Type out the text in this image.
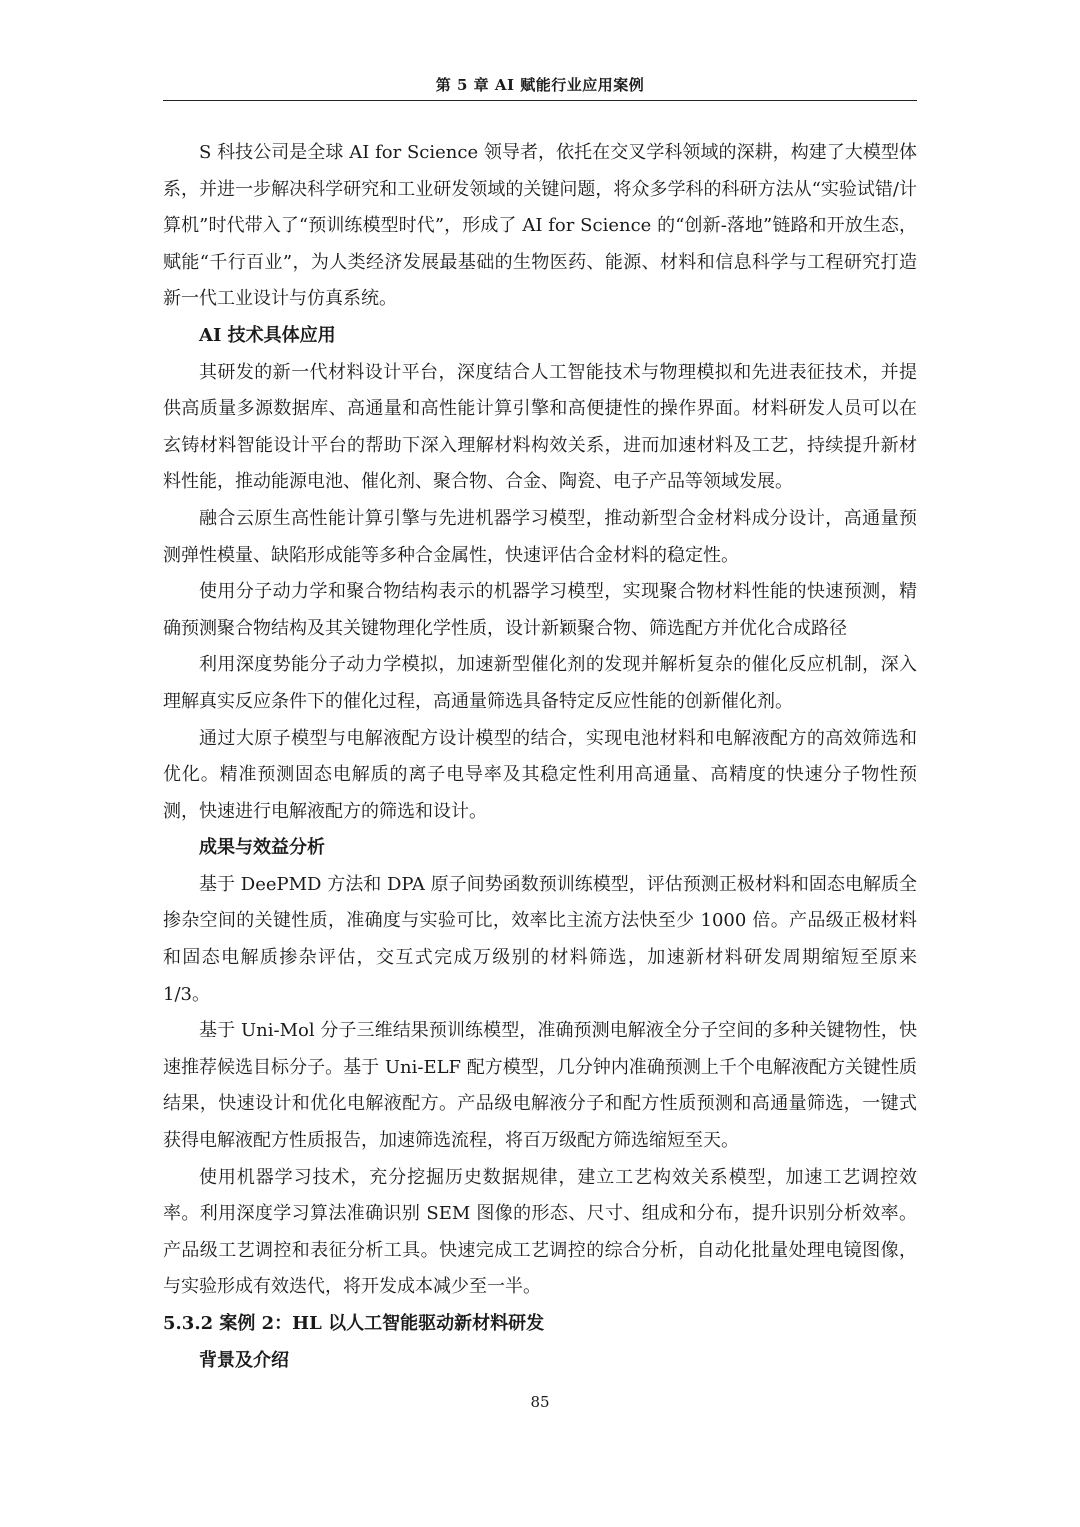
第 5 章 AI 赋能行业应用案例

S 科技公司是全球 AI for Science 领导者，依托在交叉学科领域的深耕，构建了大模型体系，并进一步解决科学研究和工业研发领域的关键问题，将众多学科的科研方法从“实验试错/计算机”时代带入了“预训练模型时代”，形成了 AI for Science 的“创新-落地”链路和开放生态，赋能“千行百业”，为人类经济发展最基础的生物医药、能源、材料和信息科学与工程研究打造新一代工业设计与仿真系统。

AI 技术具体应用

其研发的新一代材料设计平台，深度结合人工智能技术与物理模拟和先进表征技术，并提供高质量多源数据库、高通量和高性能计算引擎和高便捷性的操作界面。材料研发人员可以在玄铸材料智能设计平台的帮助下深入理解材料构效关系，进而加速材料及工艺，持续提升新材料性能，推动能源电池、催化剂、聚合物、合金、陶瓷、电子产品等领域发展。

融合云原生高性能计算引擎与先进机器学习模型，推动新型合金材料成分设计，高通量预测弹性模量、缺陷形成能等多种合金属性，快速评估合金材料的稳定性。

使用分子动力学和聚合物结构表示的机器学习模型，实现聚合物材料性能的快速预测，精确预测聚合物结构及其关键物理化学性质，设计新颖聚合物、筛选配方并优化合成路径

利用深度势能分子动力学模拟，加速新型催化剂的发现并解析复杂的催化反应机制，深入理解真实反应条件下的催化过程，高通量筛选具备特定反应性能的创新催化剂。

通过大原子模型与电解液配方设计模型的结合，实现电池材料和电解液配方的高效筛选和优化。精准预测固态电解质的离子电导率及其稳定性利用高通量、高精度的快速分子物性预测，快速进行电解液配方的筛选和设计。

成果与效益分析

基于 DeePMD 方法和 DPA 原子间势函数预训练模型，评估预测正极材料和固态电解质全掺杂空间的关键性质，准确度与实验可比，效率比主流方法快至少 1000 倍。产品级正极材料和固态电解质掺杂评估，交互式完成万级别的材料筛选，加速新材料研发周期缩短至原来 1/3。

基于 Uni-Mol 分子三维结果预训练模型，准确预测电解液全分子空间的多种关键物性，快速推荐候选目标分子。基于 Uni-ELF 配方模型，几分钟内准确预测上千个电解液配方关键性质结果，快速设计和优化电解液配方。产品级电解液分子和配方性质预测和高通量筛选，一键式获得电解液配方性质报告，加速筛选流程，将百万级配方筛选缩短至天。

使用机器学习技术，充分挖掘历史数据规律，建立工艺构效关系模型，加速工艺调控效率。利用深度学习算法准确识别 SEM 图像的形态、尺寸、组成和分布，提升识别分析效率。产品级工艺调控和表征分析工具。快速完成工艺调控的综合分析，自动化批量处理电镜图像，与实验形成有效迭代，将开发成本减少至一半。

5.3.2 案例 2：HL 以人工智能驱动新材料研发
背景及介绍
85
